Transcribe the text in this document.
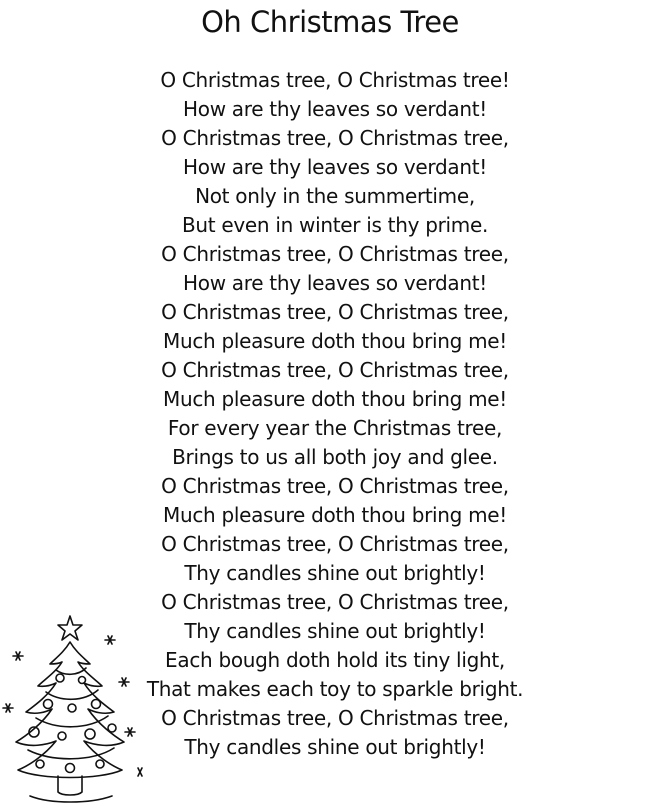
Oh Christmas Tree
O Christmas tree, O Christmas tree!
How are thy leaves so verdant!
O Christmas tree, O Christmas tree,
How are thy leaves so verdant!
Not only in the summertime,
But even in winter is thy prime.
O Christmas tree, O Christmas tree,
How are thy leaves so verdant!
O Christmas tree, O Christmas tree,
Much pleasure doth thou bring me!
O Christmas tree, O Christmas tree,
Much pleasure doth thou bring me!
For every year the Christmas tree,
Brings to us all both joy and glee.
O Christmas tree, O Christmas tree,
Much pleasure doth thou bring me!
O Christmas tree, O Christmas tree,
Thy candles shine out brightly!
O Christmas tree, O Christmas tree,
Thy candles shine out brightly!
Each bough doth hold its tiny light,
That makes each toy to sparkle bright.
O Christmas tree, O Christmas tree,
Thy candles shine out brightly!
